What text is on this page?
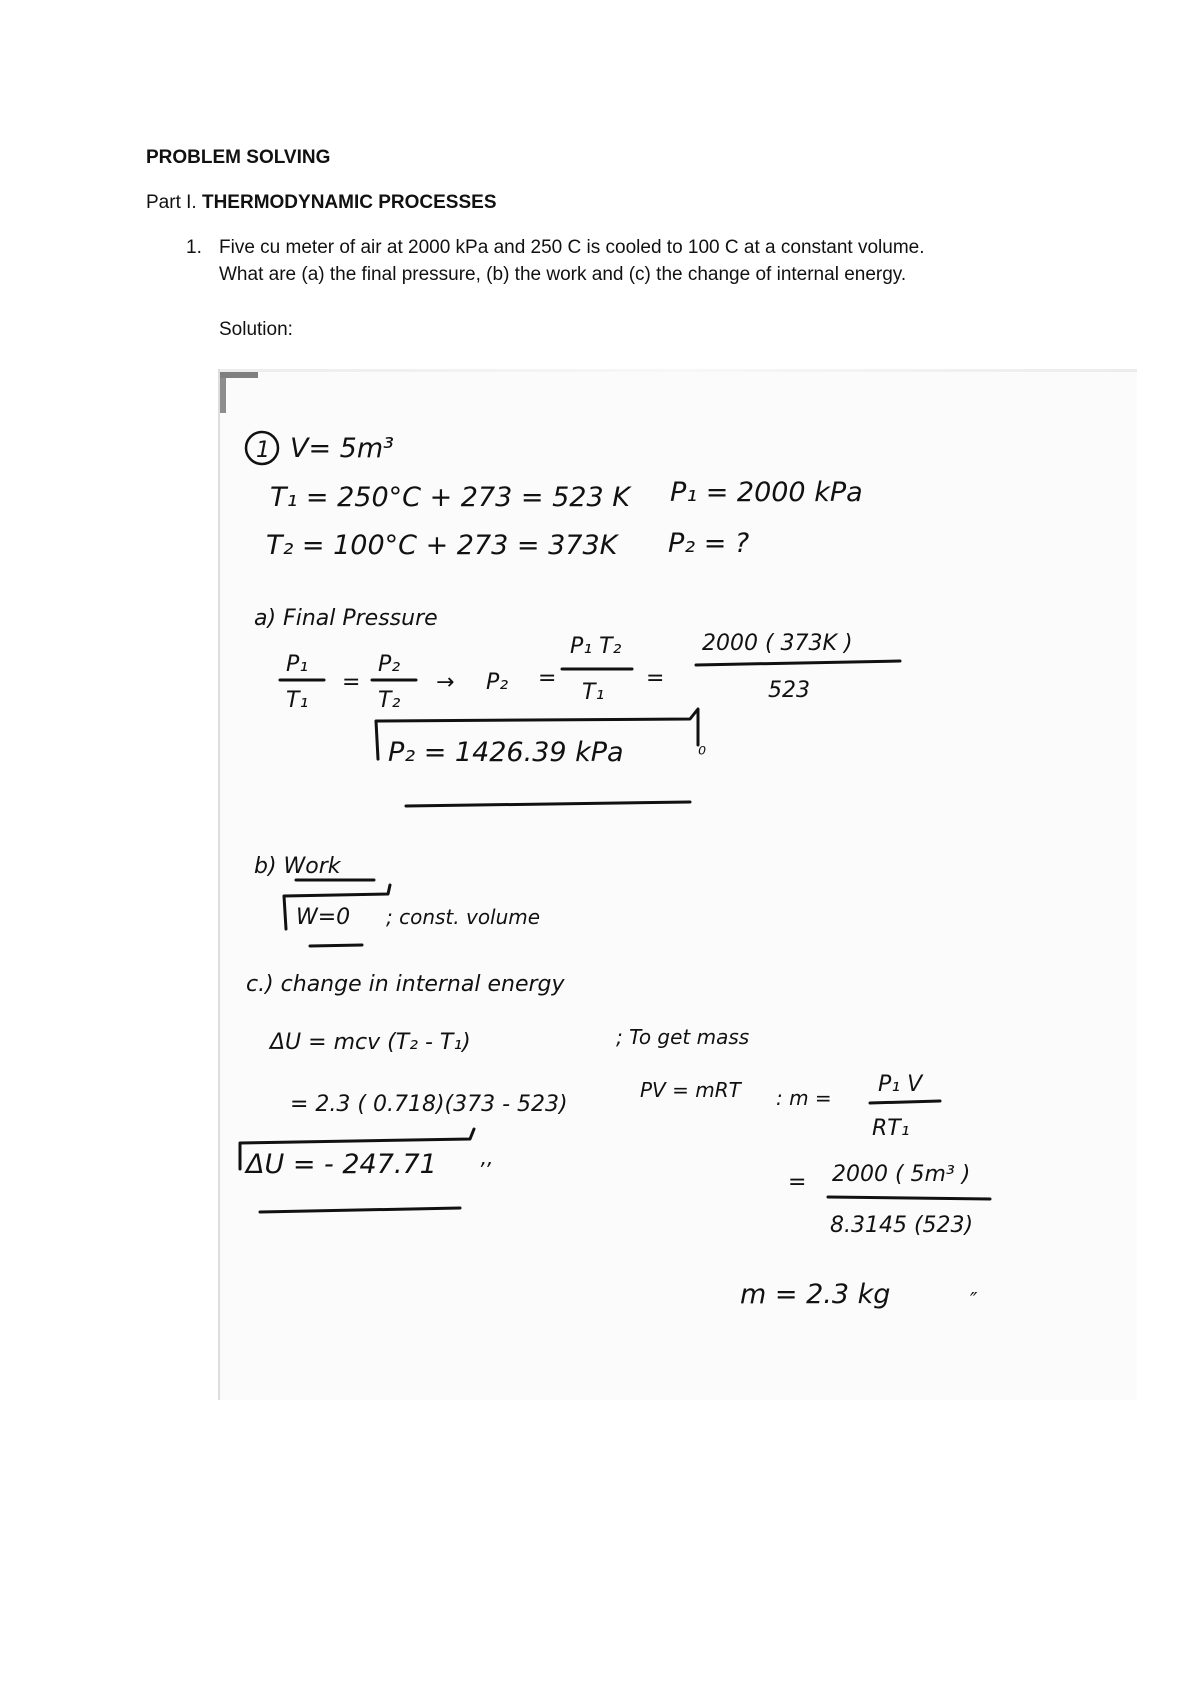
PROBLEM SOLVING
Part I. THERMODYNAMIC PROCESSES
1. Five cu meter of air at 2000 kPa and 250 C is cooled to 100 C at a constant volume.
What are (a) the final pressure, (b) the work and (c) the change of internal energy.
Solution:
1 V= 5m³
T₁ = 250°C + 273 = 523 K P₁ = 2000 kPa
T₂ = 100°C + 273 = 373K P₂ = ?
a) Final Pressure
P₁
T₁
=
P₂
T₂
→ P₂ =
P₁ T₂
T₁
=
2000 ( 373K )
523
P₂ = 1426.39 kPa	⁰
b) Work
W=0 ; const. volume
c.) change in internal energy
ΔU = mcv (T₂ - T₁)	; To get mass
= 2.3 ( 0.718)(373 - 523)
PV = mRT : m =
P₁ V
RT₁
ΔU = - 247.71 ’’	= 2000 ( 5m³ )
8.3145 (523)
m = 2.3 kg	″
